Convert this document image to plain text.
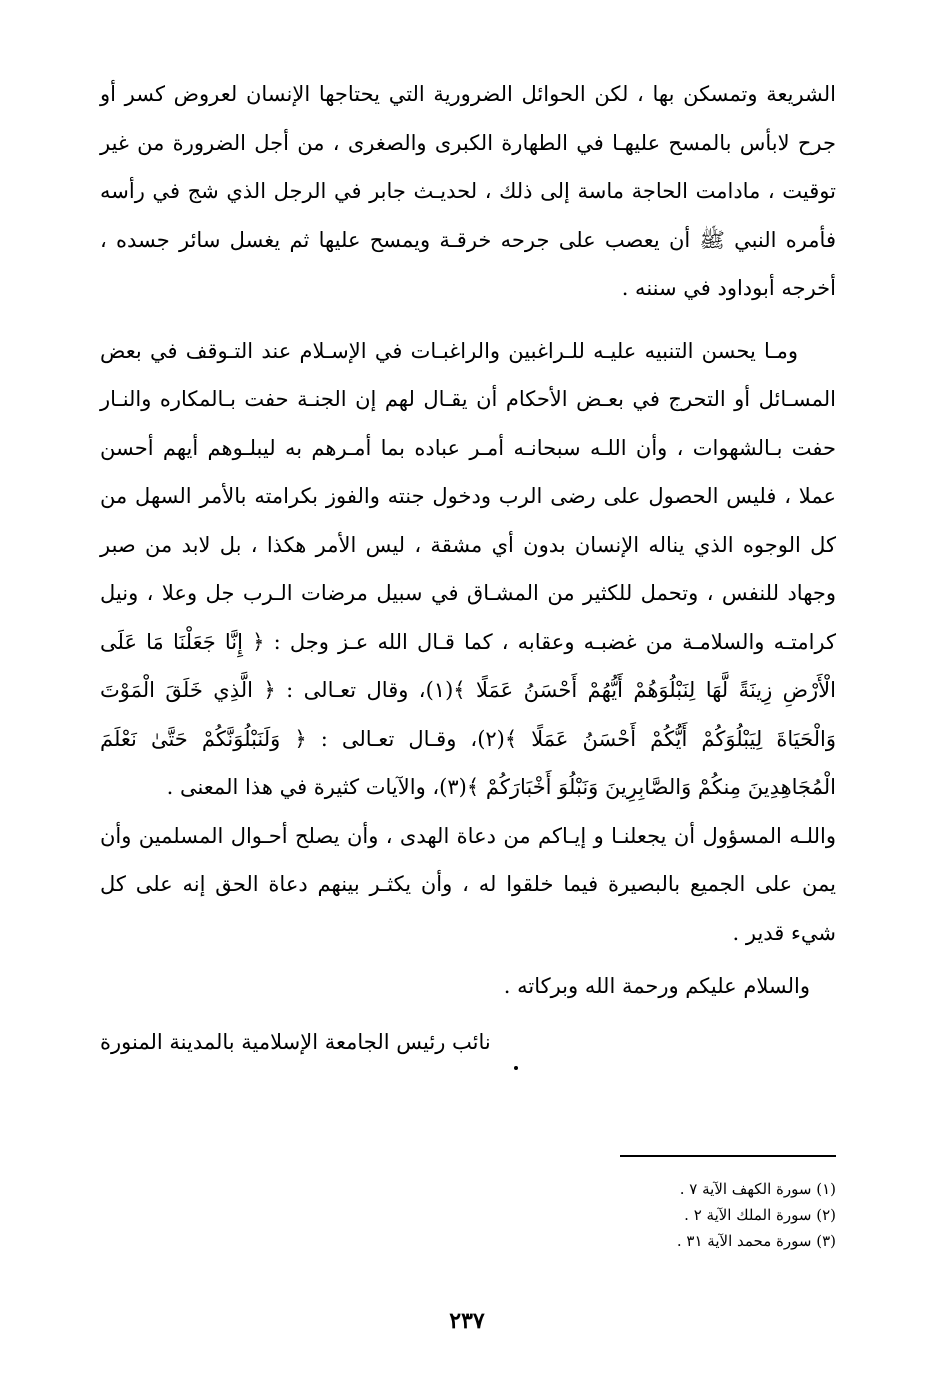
الشريعة وتمسكن بها ، لكن الحوائل الضرورية التي يحتاجها الإنسان لعروض كسر أو جرح لابأس بالمسح عليهـا في الطهارة الكبرى والصغرى ، من أجل الضرورة من غير توقيت ، مادامت الحاجة ماسة إلى ذلك ، لحديـث جابر في الرجل الذي شج في رأسه فأمره النبي ﷺ أن يعصب على جرحه خرقـة ويمسح عليها ثم يغسل سائر جسده ، أخرجه أبوداود في سننه .

ومـا يحسن التنبيه عليـه للـراغبين والراغبـات في الإسـلام عند التـوقف في بعض المسـائل أو التحرج في بعـض الأحكام أن يقـال لهم إن الجنـة حفت بـالمكاره والنـار حفت بـالشهوات ، وأن اللـه سبحانـه أمـر عباده بما أمـرهم به ليبلـوهم أيهم أحسن عملا ، فليس الحصول على رضى الرب ودخول جنته والفوز بكرامته بالأمر السهل من كل الوجوه الذي يناله الإنسان بدون أي مشقة ، ليس الأمر هكذا ، بل لابد من صبر وجهاد للنفس ، وتحمل للكثير من المشـاق في سبيل مرضات الـرب جل وعلا ، ونيل كرامتـه والسلامـة من غضبـه وعقابه ، كما قـال الله عـز وجل : ﴿ إِنَّا جَعَلْنَا مَا عَلَى الْأَرْضِ زِينَةً لَّهَا لِنَبْلُوَهُمْ أَيُّهُمْ أَحْسَنُ عَمَلًا ﴾(١)، وقال تعـالى : ﴿ الَّذِي خَلَقَ الْمَوْتَ وَالْحَيَاةَ لِيَبْلُوَكُمْ أَيُّكُمْ أَحْسَنُ عَمَلًا ﴾(٢)، وقـال تعـالى : ﴿ وَلَنَبْلُوَنَّكُمْ حَتَّىٰ نَعْلَمَ الْمُجَاهِدِينَ مِنكُمْ وَالصَّابِرِينَ وَنَبْلُوَ أَخْبَارَكُمْ ﴾(٣)، والآيات كثيرة في هذا المعنى .

واللـه المسؤول أن يجعلنـا و إيـاكم من دعاة الهدى ، وأن يصلح أحـوال المسلمين وأن يمن على الجميع بالبصيرة فيما خلقوا له ، وأن يكثـر بينهم دعاة الحق إنه على كل شيء قدير .

والسلام عليكم ورحمة الله وبركاته .

نائب رئيس الجامعة الإسلامية بالمدينة المنورة

(١) سورة الكهف الآية ٧ .
(٢) سورة الملك الآية ٢ .
(٣) سورة محمد الآية ٣١ .

٢٣٧
